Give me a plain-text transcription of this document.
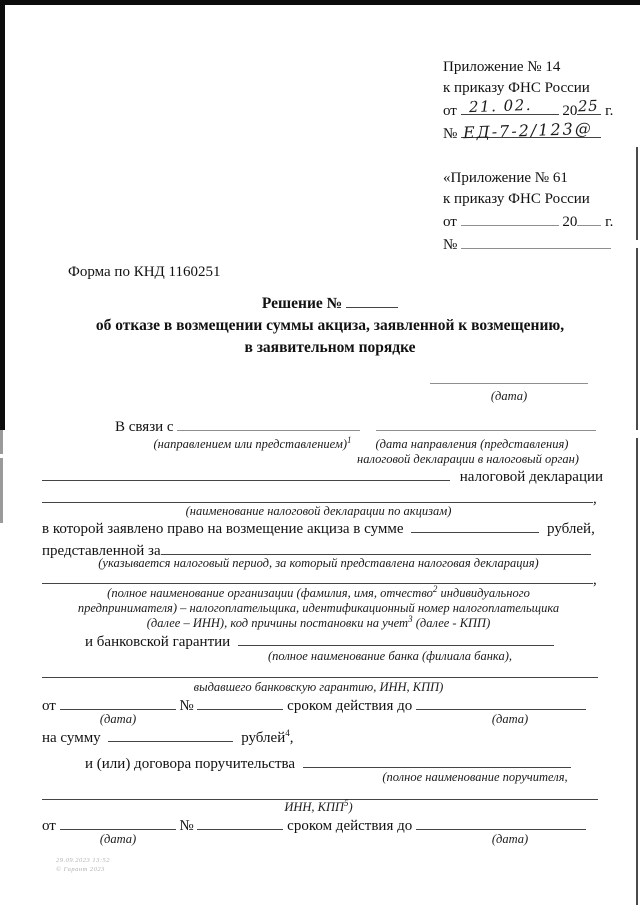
Приложение № 14
к приказу ФНС России
от 21. 02. 20 25 г.
№ ЕД-7-2/123@
«Приложение № 61
к приказу ФНС России
от	20 г.
№
Форма по КНД 1160251
Решение №
об отказе в возмещении суммы акциза, заявленной к возмещению,
в заявительном порядке
(дата)
В связи с
(направлением или представлением)$^1$	(дата направления (представления)
налоговой декларации в налоговый орган)
налоговой декларации
,
(наименование налоговой декларации по акцизам)
в которой заявлено право на возмещение акциза в сумме	рублей,
представленной за
(указывается налоговый период, за который представлена налоговая декларация)
,
(полное наименование организации (фамилия, имя, отчество$^2$ индивидуального
предпринимателя) – налогоплательщика, идентификационный номер налогоплательщика
(далее – ИНН), код причины постановки на учет$^3$ (далее - КПП)
и банковской гарантии
(полное наименование банка (филиала банка),
выдавшего банковскую гарантию, ИНН, КПП)
от	№	сроком действия до
(дата)	(дата)
на сумму	рублей$^4$,
и (или) договора поручительства
(полное наименование поручителя,
ИНН, КПП$^5$)
от	№	сроком действия до
(дата)	(дата)
29.09.2023 13:52
© Гарант 2023
